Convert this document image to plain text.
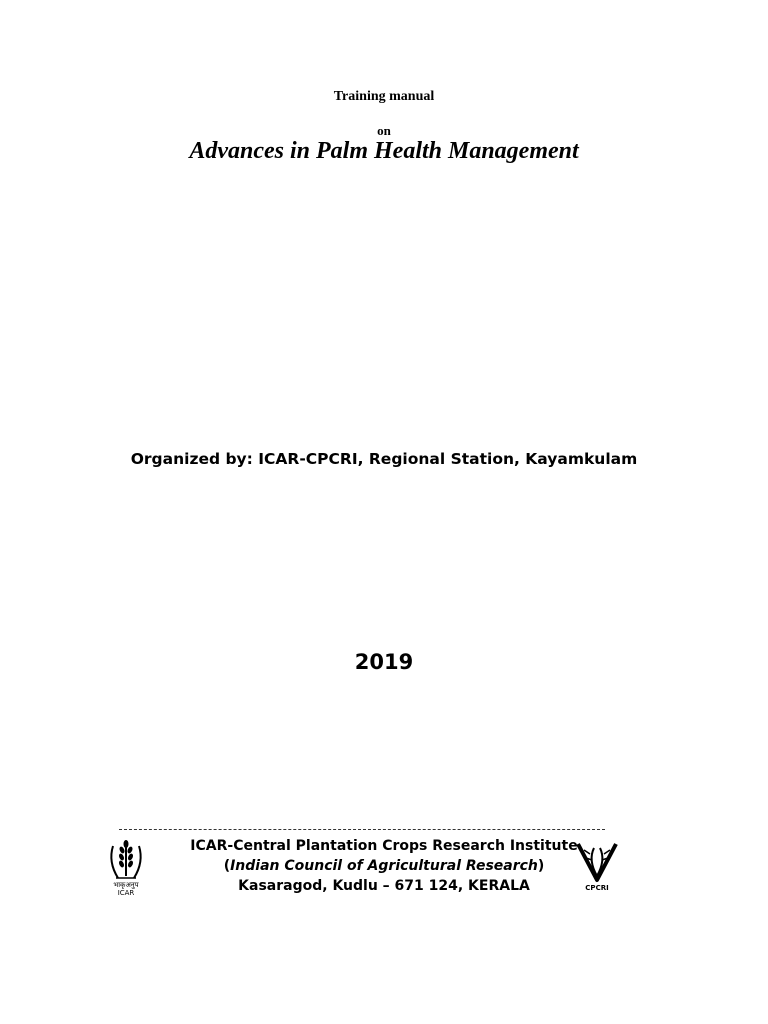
Training manual
on
Advances in Palm Health Management
Organized by: ICAR-CPCRI, Regional Station, Kayamkulam
2019
भाकृअनुप
ICAR
ICAR-Central Plantation Crops Research Institute
(Indian Council of Agricultural Research)
Kasaragod, Kudlu – 671 124, KERALA	CPCRI
